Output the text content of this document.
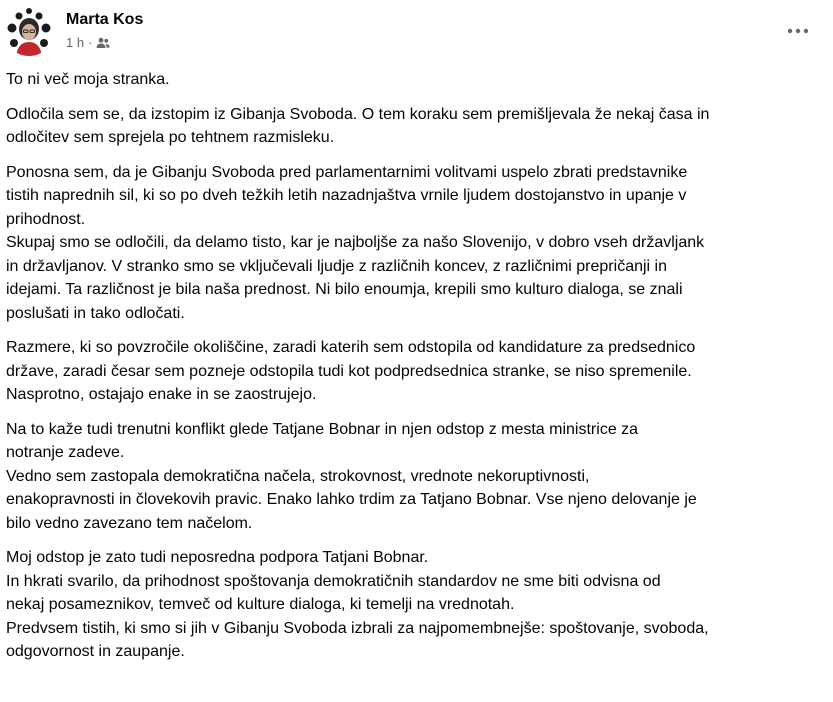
Marta Kos
1 h ·

To ni več moja stranka.

Odločila sem se, da izstopim iz Gibanja Svoboda. O tem koraku sem premišljevala že nekaj časa in
odločitev sem sprejela po tehtnem razmisleku.

Ponosna sem, da je Gibanju Svoboda pred parlamentarnimi volitvami uspelo zbrati predstavnike
tistih naprednih sil, ki so po dveh težkih letih nazadnjaštva vrnile ljudem dostojanstvo in upanje v
prihodnost.
Skupaj smo se odločili, da delamo tisto, kar je najboljše za našo Slovenijo, v dobro vseh državljank
in državljanov. V stranko smo se vključevali ljudje z različnih koncev, z različnimi prepričanji in
idejami. Ta različnost je bila naša prednost. Ni bilo enoumja, krepili smo kulturo dialoga, se znali
poslušati in tako odločati.

Razmere, ki so povzročile okoliščine, zaradi katerih sem odstopila od kandidature za predsednico
države, zaradi česar sem pozneje odstopila tudi kot podpredsednica stranke, se niso spremenile.
Nasprotno, ostajajo enake in se zaostrujejo.

Na to kaže tudi trenutni konflikt glede Tatjane Bobnar in njen odstop z mesta ministrice za
notranje zadeve.
Vedno sem zastopala demokratična načela, strokovnost, vrednote nekoruptivnosti,
enakopravnosti in človekovih pravic. Enako lahko trdim za Tatjano Bobnar. Vse njeno delovanje je
bilo vedno zavezano tem načelom.

Moj odstop je zato tudi neposredna podpora Tatjani Bobnar.
In hkrati svarilo, da prihodnost spoštovanja demokratičnih standardov ne sme biti odvisna od
nekaj posameznikov, temveč od kulture dialoga, ki temelji na vrednotah.
Predvsem tistih, ki smo si jih v Gibanju Svoboda izbrali za najpomembnejše: spoštovanje, svoboda,
odgovornost in zaupanje.
